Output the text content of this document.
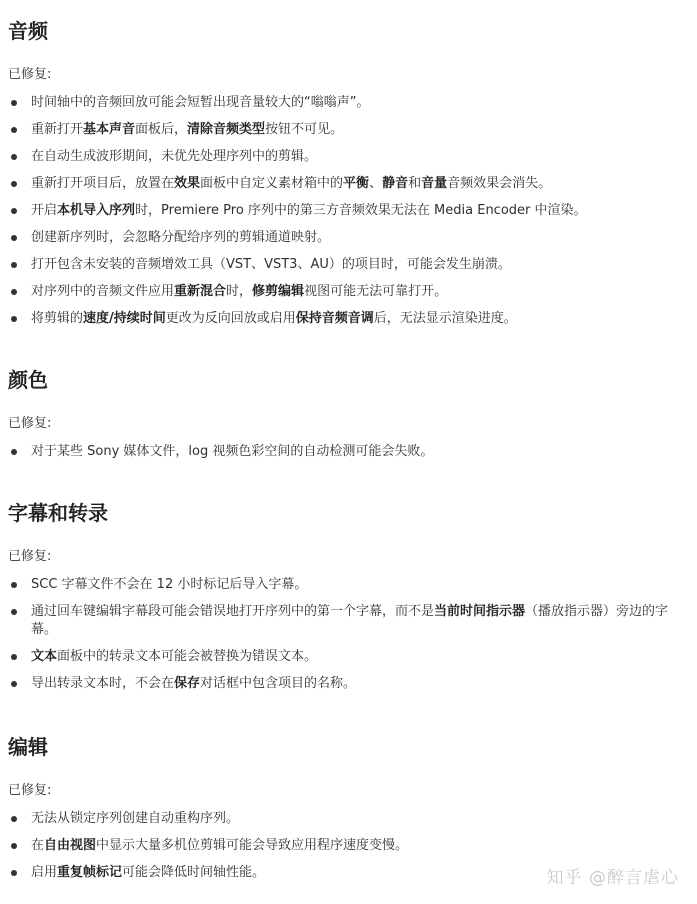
音频
已修复:
时间轴中的音频回放可能会短暂出现音量较大的“嗡嗡声”。
重新打开基本声音面板后，清除音频类型按钮不可见。
在自动生成波形期间，未优先处理序列中的剪辑。
重新打开项目后，放置在效果面板中自定义素材箱中的平衡、静音和音量音频效果会消失。
开启本机导入序列时，Premiere Pro 序列中的第三方音频效果无法在 Media Encoder 中渲染。
创建新序列时，会忽略分配给序列的剪辑通道映射。
打开包含未安装的音频增效工具（VST、VST3、AU）的项目时，可能会发生崩溃。
对序列中的音频文件应用重新混合时，修剪编辑视图可能无法可靠打开。
将剪辑的速度/持续时间更改为反向回放或启用保持音频音调后，无法显示渲染进度。
颜色
已修复:
对于某些 Sony 媒体文件，log 视频色彩空间的自动检测可能会失败。
字幕和转录
已修复:
SCC 字幕文件不会在 12 小时标记后导入字幕。
通过回车键编辑字幕段可能会错误地打开序列中的第一个字幕，而不是当前时间指示器（播放指示器）旁边的字幕。
文本面板中的转录文本可能会被替换为错误文本。
导出转录文本时，不会在保存对话框中包含项目的名称。
编辑
已修复:
无法从锁定序列创建自动重构序列。
在自由视图中显示大量多机位剪辑可能会导致应用程序速度变慢。
启用重复帧标记可能会降低时间轴性能。	知乎 @醉言虐心
